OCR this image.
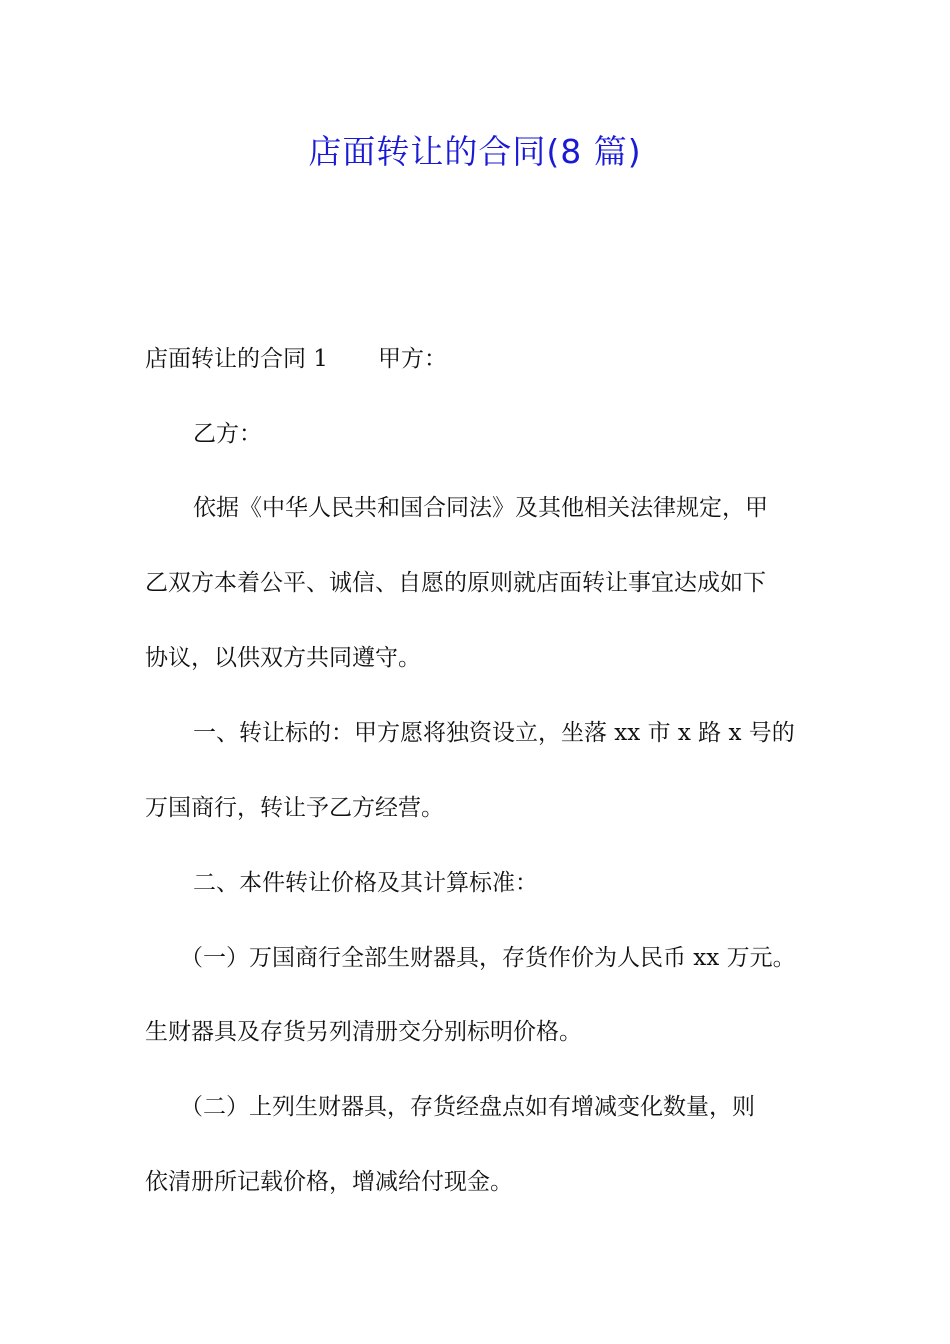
店面转让的合同(8 篇)
店面转让的合同 1 甲方：
乙方：
依据《中华人民共和国合同法》及其他相关法律规定，甲
乙双方本着公平、诚信、自愿的原则就店面转让事宜达成如下
协议，以供双方共同遵守。
一、转让标的：甲方愿将独资设立，坐落 xx 市 x 路 x 号的
万国商行，转让予乙方经营。
二、本件转让价格及其计算标准：
（一）万国商行全部生财器具，存货作价为人民币 xx 万元。
生财器具及存货另列清册交分别标明价格。
（二）上列生财器具，存货经盘点如有增减变化数量，则
依清册所记载价格，增减给付现金。
